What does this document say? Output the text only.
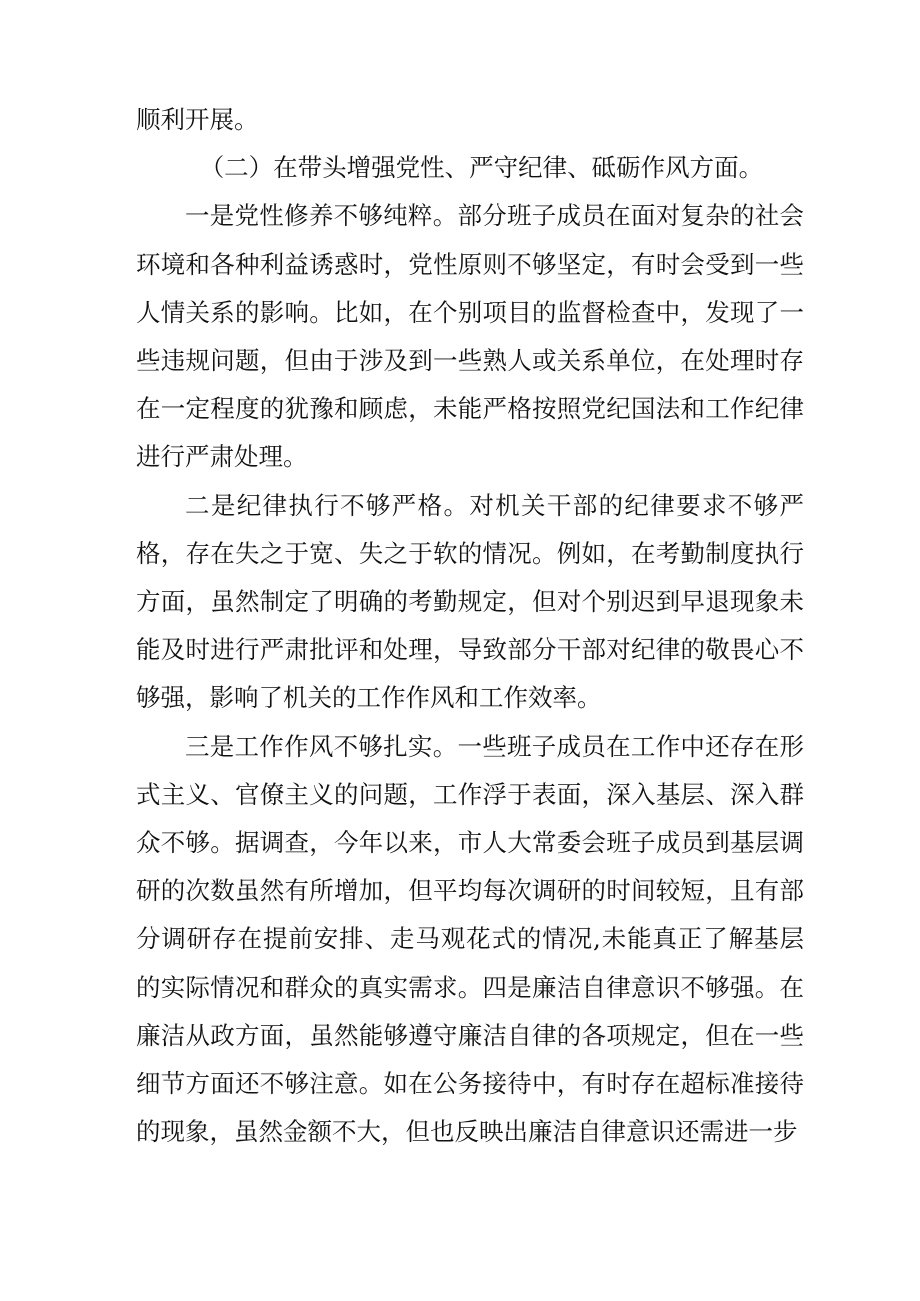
顺利开展。

（二）在带头增强党性、严守纪律、砥砺作风方面。

一是党性修养不够纯粹。部分班子成员在面对复杂的社会环境和各种利益诱惑时，党性原则不够坚定，有时会受到一些人情关系的影响。比如，在个别项目的监督检查中，发现了一些违规问题，但由于涉及到一些熟人或关系单位，在处理时存在一定程度的犹豫和顾虑，未能严格按照党纪国法和工作纪律进行严肃处理。

二是纪律执行不够严格。对机关干部的纪律要求不够严格，存在失之于宽、失之于软的情况。例如，在考勤制度执行方面，虽然制定了明确的考勤规定，但对个别迟到早退现象未能及时进行严肃批评和处理，导致部分干部对纪律的敬畏心不够强，影响了机关的工作作风和工作效率。

三是工作作风不够扎实。一些班子成员在工作中还存在形式主义、官僚主义的问题，工作浮于表面，深入基层、深入群众不够。据调查，今年以来，市人大常委会班子成员到基层调研的次数虽然有所增加，但平均每次调研的时间较短，且有部分调研存在提前安排、走马观花式的情况,未能真正了解基层的实际情况和群众的真实需求。四是廉洁自律意识不够强。在廉洁从政方面，虽然能够遵守廉洁自律的各项规定，但在一些细节方面还不够注意。如在公务接待中，有时存在超标准接待的现象，虽然金额不大，但也反映出廉洁自律意识还需进一步
